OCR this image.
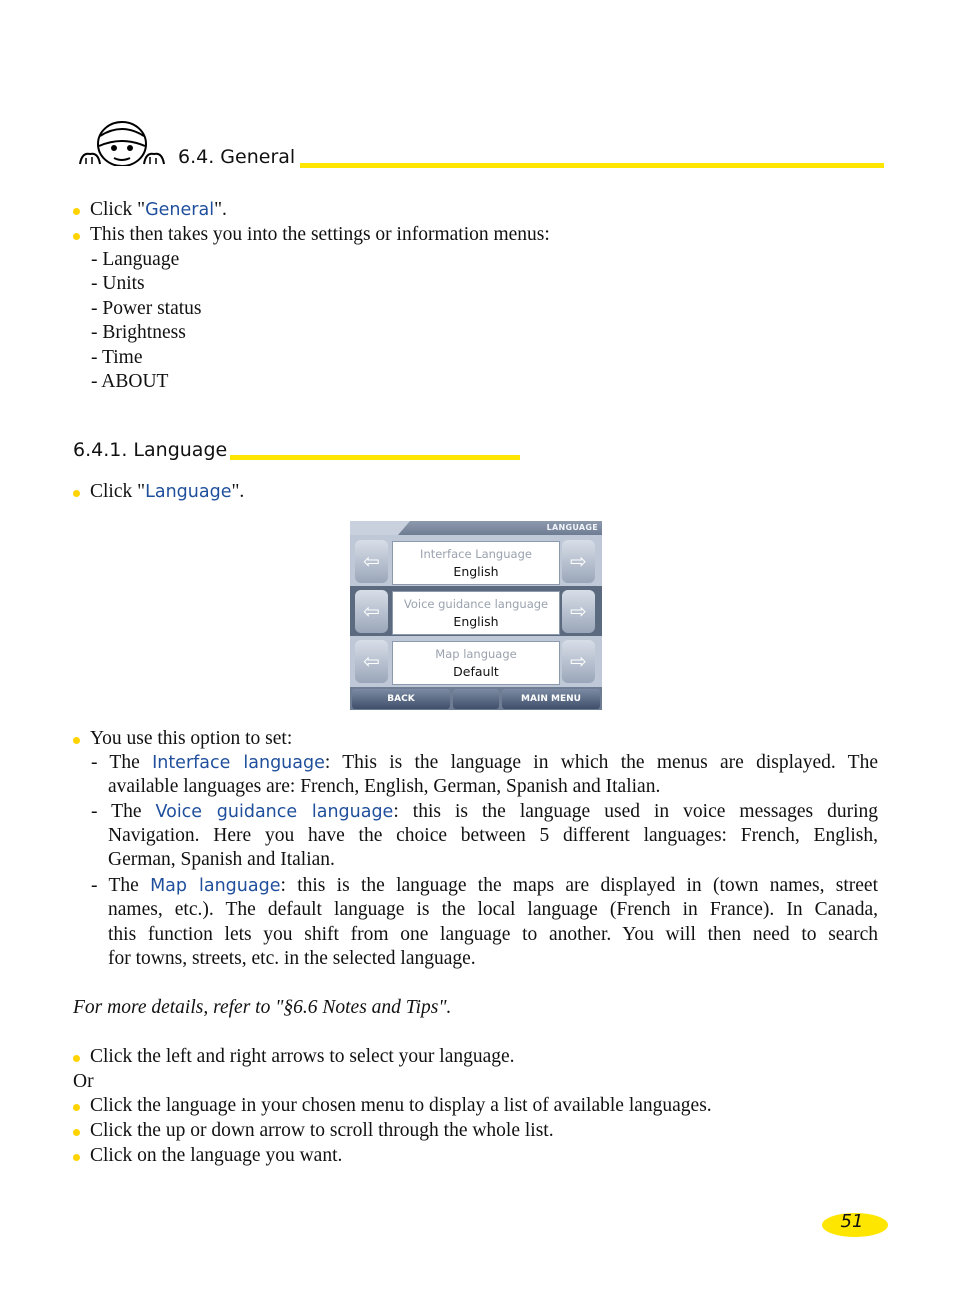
6.4. General
Click "General".
This then takes you into the settings or information menus:
- Language
- Units
- Power status
- Brightness
- Time
- ABOUT
6.4.1. Language
Click "Language".
LANGUAGE
⇦	Interface Language
English	⇨
⇦	Voice guidance language
English	⇨
⇦	Map language
Default	⇨
BACK	MAIN MENU
You use this option to set:
- The Interface language: This is the language in which the menus are displayed. The
available languages are: French, English, German, Spanish and Italian.
- The Voice guidance language: this is the language used in voice messages during
Navigation. Here you have the choice between 5 different languages: French, English,
German, Spanish and Italian.
- The Map language: this is the language the maps are displayed in (town names, street
names, etc.). The default language is the local language (French in France). In Canada,
this function lets you shift from one language to another. You will then need to search
for towns, streets, etc. in the selected language.
For more details, refer to "§6.6 Notes and Tips".
Click the left and right arrows to select your language.
Or
Click the language in your chosen menu to display a list of available languages.
Click the up or down arrow to scroll through the whole list.
Click on the language you want.
51
